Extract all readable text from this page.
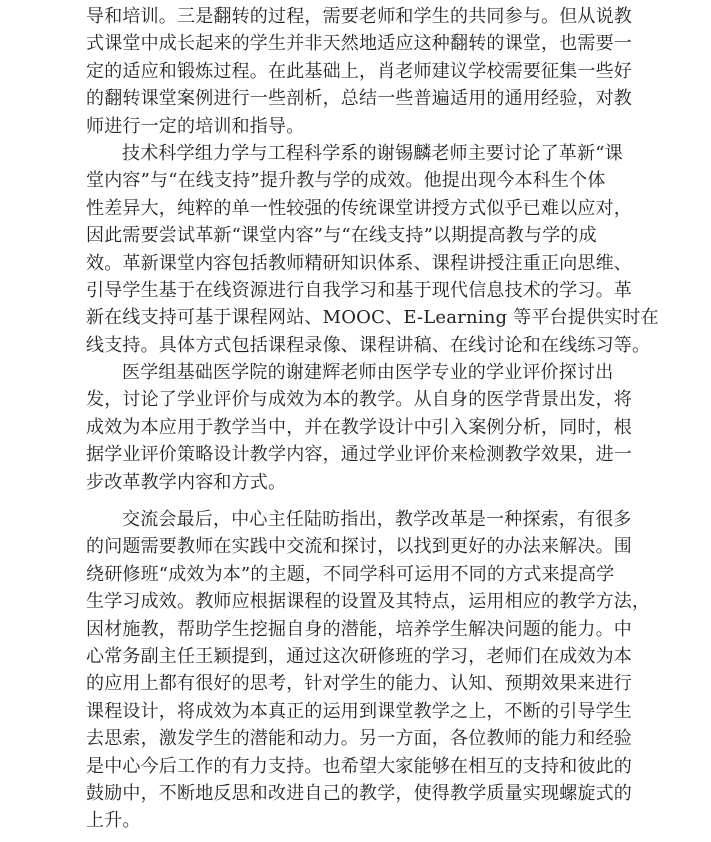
导和培训。三是翻转的过程，需要老师和学生的共同参与。但从说教
式课堂中成长起来的学生并非天然地适应这种翻转的课堂，也需要一
定的适应和锻炼过程。在此基础上，肖老师建议学校需要征集一些好
的翻转课堂案例进行一些剖析，总结一些普遍适用的通用经验，对教
师进行一定的培训和指导。
技术科学组力学与工程科学系的谢锡麟老师主要讨论了革新“课
堂内容”与“在线支持”提升教与学的成效。他提出现今本科生个体
性差异大，纯粹的单一性较强的传统课堂讲授方式似乎已难以应对，
因此需要尝试革新“课堂内容”与“在线支持”以期提高教与学的成
效。革新课堂内容包括教师精研知识体系、课程讲授注重正向思维、
引导学生基于在线资源进行自我学习和基于现代信息技术的学习。革
新在线支持可基于课程网站、MOOC、E-Learning 等平台提供实时在
线支持。具体方式包括课程录像、课程讲稿、在线讨论和在线练习等。
医学组基础医学院的谢建辉老师由医学专业的学业评价探讨出
发，讨论了学业评价与成效为本的教学。从自身的医学背景出发，将
成效为本应用于教学当中，并在教学设计中引入案例分析，同时，根
据学业评价策略设计教学内容，通过学业评价来检测教学效果，进一
步改革教学内容和方式。
交流会最后，中心主任陆昉指出，教学改革是一种探索，有很多
的问题需要教师在实践中交流和探讨，以找到更好的办法来解决。围
绕研修班“成效为本”的主题，不同学科可运用不同的方式来提高学
生学习成效。教师应根据课程的设置及其特点，运用相应的教学方法，
因材施教，帮助学生挖掘自身的潜能，培养学生解决问题的能力。中
心常务副主任王颖提到，通过这次研修班的学习，老师们在成效为本
的应用上都有很好的思考，针对学生的能力、认知、预期效果来进行
课程设计，将成效为本真正的运用到课堂教学之上，不断的引导学生
去思索，激发学生的潜能和动力。另一方面，各位教师的能力和经验
是中心今后工作的有力支持。也希望大家能够在相互的支持和彼此的
鼓励中，不断地反思和改进自己的教学，使得教学质量实现螺旋式的
上升。
